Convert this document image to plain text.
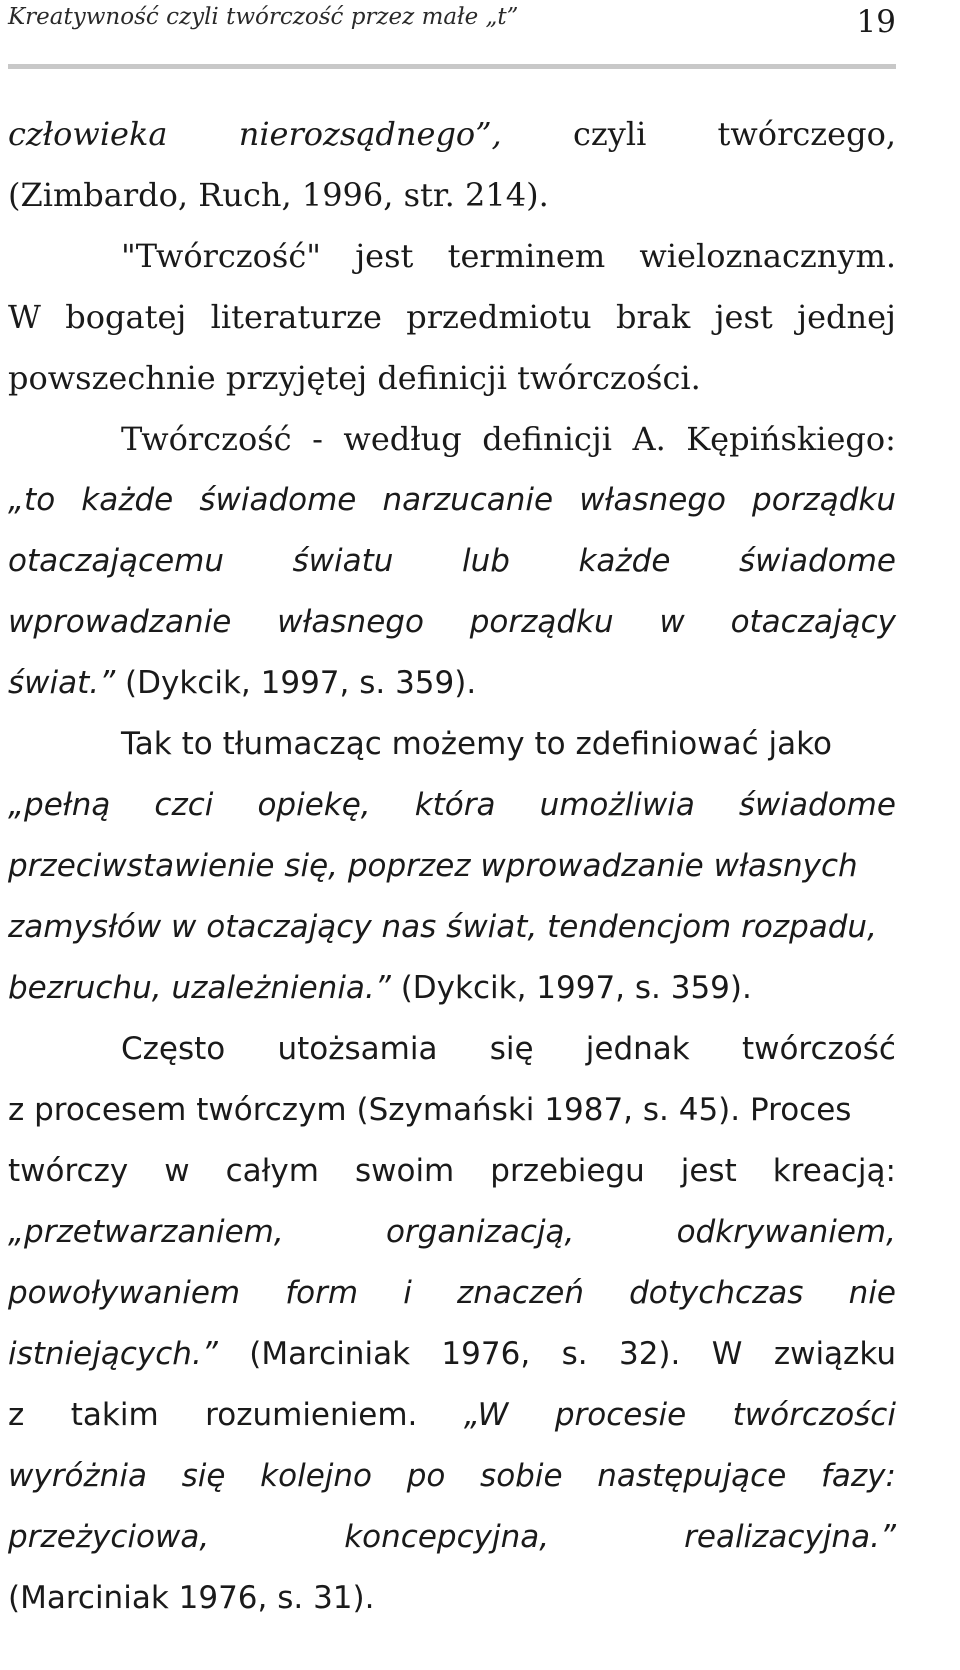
Kreatywność czyli twórczość przez małe „t”	19
człowieka nierozsądnego”, czyli twórczego,
(Zimbardo, Ruch, 1996, str. 214).
"Twórczość" jest terminem wieloznacznym.
W bogatej literaturze przedmiotu brak jest jednej
powszechnie przyjętej definicji twórczości.
Twórczość - według definicji A. Kępińskiego:
„to każde świadome narzucanie własnego porządku
otaczającemu światu lub każde świadome
wprowadzanie własnego porządku w otaczający
świat.” (Dykcik, 1997, s. 359).
Tak to tłumacząc możemy to zdefiniować jako
„pełną czci opiekę, która umożliwia świadome
przeciwstawienie się, poprzez wprowadzanie własnych
zamysłów w otaczający nas świat, tendencjom rozpadu,
bezruchu, uzależnienia.” (Dykcik, 1997, s. 359).
Często utożsamia się jednak twórczość
z procesem twórczym (Szymański 1987, s. 45). Proces
twórczy w całym swoim przebiegu jest kreacją:
„przetwarzaniem,	organizacją,	odkrywaniem,
powoływaniem form i znaczeń dotychczas nie
istniejących.” (Marciniak 1976, s. 32). W związku
z takim rozumieniem. „W procesie twórczości
wyróżnia się kolejno po sobie następujące fazy:
przeżyciowa,	koncepcyjna,	realizacyjna.”
(Marciniak 1976, s. 31).
